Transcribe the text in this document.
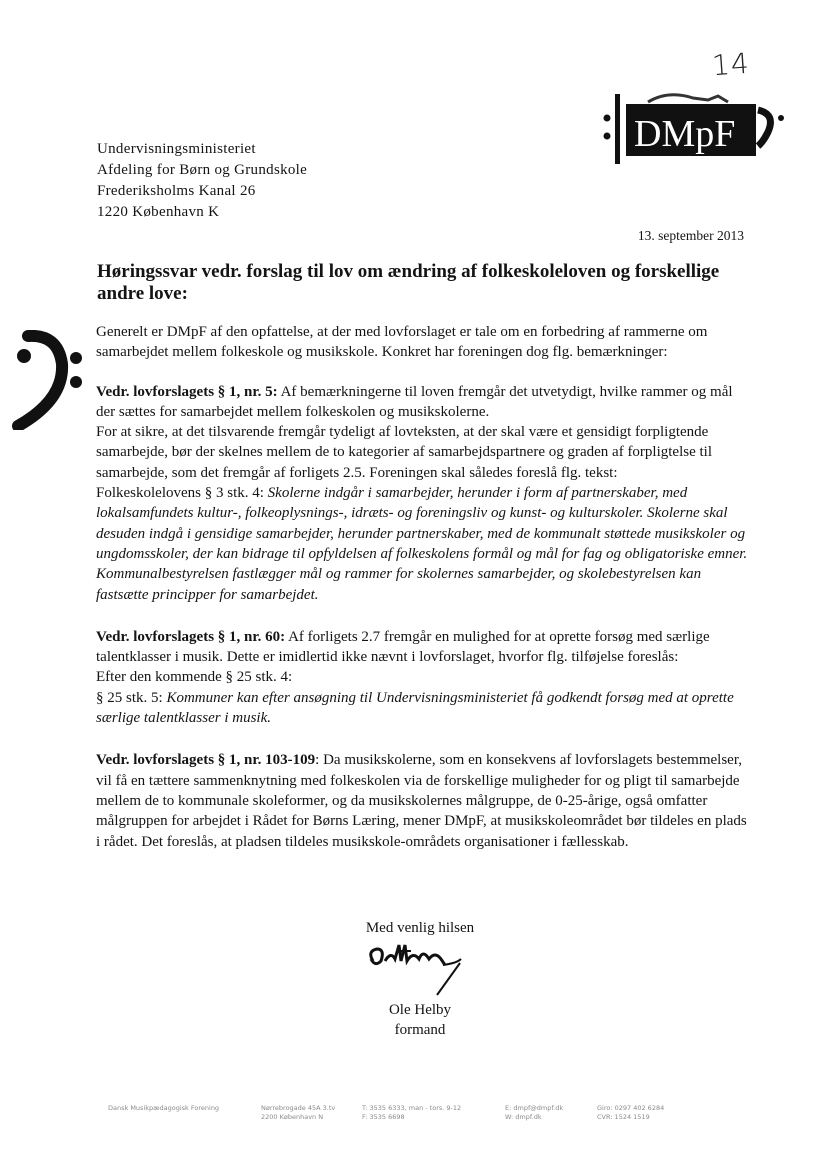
14
DMpF
Undervisningsministeriet
Afdeling for Børn og Grundskole
Frederiksholms Kanal 26
1220 København K
13. september 2013
Høringssvar vedr. forslag til lov om ændring af folkeskoleloven og forskellige andre love:

Generelt er DMpF af den opfattelse, at der med lovforslaget er tale om en forbedring af rammerne om samarbejdet mellem folkeskole og musikskole. Konkret har foreningen dog flg. bemærkninger:

Vedr. lovforslagets § 1, nr. 5: Af bemærkningerne til loven fremgår det utvetydigt, hvilke rammer og mål der sættes for samarbejdet mellem folkeskolen og musikskolerne.

For at sikre, at det tilsvarende fremgår tydeligt af lovteksten, at der skal være et gensidigt forpligtende samarbejde, bør der skelnes mellem de to kategorier af samarbejdspartnere og graden af forpligtelse til samarbejde, som det fremgår af forligets 2.5. Foreningen skal således foreslå flg. tekst:

Folkeskolelovens § 3 stk. 4: Skolerne indgår i samarbejder, herunder i form af partnerskaber, med lokalsamfundets kultur-, folkeoplysnings-, idræts- og foreningsliv og kunst- og kulturskoler. Skolerne skal desuden indgå i gensidige samarbejder, herunder partnerskaber, med de kommunalt støttede musikskoler og ungdomsskoler, der kan bidrage til opfyldelsen af folkeskolens formål og mål for fag og obligatoriske emner. Kommunalbestyrelsen fastlægger mål og rammer for skolernes samarbejder, og skolebestyrelsen kan fastsætte principper for samarbejdet.

Vedr. lovforslagets § 1, nr. 60: Af forligets 2.7 fremgår en mulighed for at oprette forsøg med særlige talentklasser i musik. Dette er imidlertid ikke nævnt i lovforslaget, hvorfor flg. tilføjelse foreslås:

Efter den kommende § 25 stk. 4:

§ 25 stk. 5: Kommuner kan efter ansøgning til Undervisningsministeriet få godkendt forsøg med at oprette særlige talentklasser i musik.

Vedr. lovforslagets § 1, nr. 103-109: Da musikskolerne, som en konsekvens af lovforslagets bestemmelser, vil få en tættere sammenknytning med folkeskolen via de forskellige muligheder for og pligt til samarbejde mellem de to kommunale skoleformer, og da musikskolernes målgruppe, de 0-25-årige, også omfatter målgruppen for arbejdet i Rådet for Børns Læring, mener DMpF, at musikskoleområdet bør tildeles en plads i rådet. Det foreslås, at pladsen tildeles musikskole-områdets organisationer i fællesskab.

Med venlig hilsen
Ole Helby
formand
Dansk Musikpædagogisk Forening	Nørrebrogade 45A 3.tv
2200 København N
T: 3535 6333, man - tors. 9-12
F: 3535 6698
E: dmpf@dmpf.dk
W: dmpf.dk
Giro: 0297 402 6284
CVR: 1524 1519
